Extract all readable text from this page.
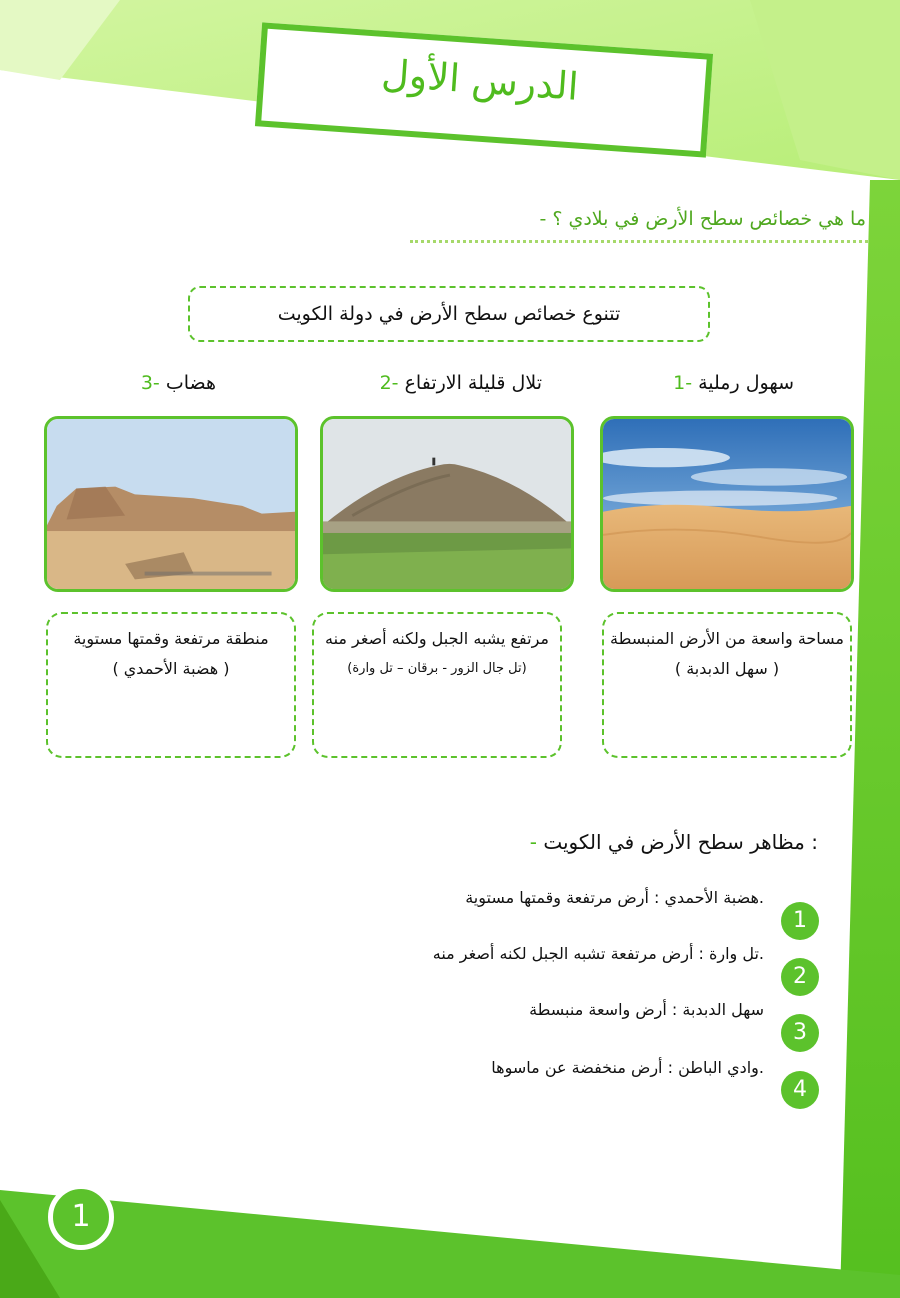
الدرس الأول
ما هي خصائص سطح الأرض في بلادي ؟ -
تتنوع خصائص سطح الأرض في دولة الكويت
سهول رملية -1
تلال قليلة الارتفاع -2
هضاب -3
مساحة واسعة من الأرض المنبسطة
( سهل الدبدبة )
مرتفع يشبه الجبل ولكنه أصغر منه
(تل جال الزور - برقان – تل وارة)
منطقة مرتفعة وقمتها مستوية
( هضبة الأحمدي )
: مظاهر سطح الأرض في الكويت -
.هضبة الأحمدي : أرض مرتفعة وقمتها مستوية
1
.تل وارة : أرض مرتفعة تشبه الجبل لكنه أصغر منه
2
سهل الدبدبة : أرض واسعة منبسطة
3
.وادي الباطن : أرض منخفضة عن ماسوها
4
1
